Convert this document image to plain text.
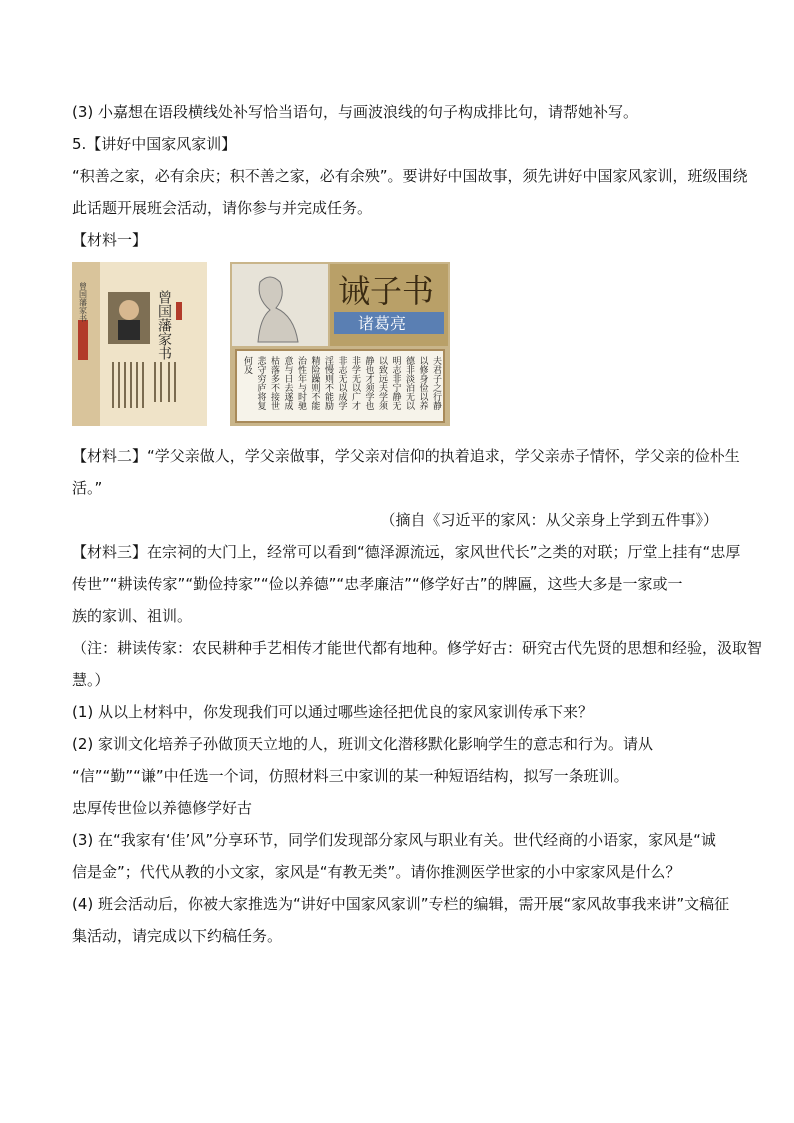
(3) 小嘉想在语段横线处补写恰当语句，与画波浪线的句子构成排比句，请帮她补写。
5.【讲好中国家风家训】
“积善之家，必有余庆；积不善之家，必有余殃”。要讲好中国故事，须先讲好中国家风家训，班级围绕
此话题开展班会活动，请你参与并完成任务。
【材料一】
曾国藩家书	曾国藩家书	诫子书
诸葛亮
夫君子之行静
以修身俭以养
德非淡泊无以
明志非宁静无
以致远夫学须
静也才须学也
非学无以广才
非志无以成学
淫慢则不能励
精险躁则不能
治性年与时驰
意与日去遂成
枯落多不接世
悲守穷庐将复
何及
【材料二】“学父亲做人，学父亲做事，学父亲对信仰的执着追求，学父亲赤子情怀，学父亲的俭朴生
活。”
（摘自《习近平的家风：从父亲身上学到五件事》）
【材料三】在宗祠的大门上，经常可以看到“德泽源流远，家风世代长”之类的对联；厅堂上挂有“忠厚
传世”“耕读传家”“勤俭持家”“俭以养德”“忠孝廉洁”“修学好古”的牌匾，这些大多是一家或一
族的家训、祖训。
（注：耕读传家：农民耕种手艺相传才能世代都有地种。修学好古：研究古代先贤的思想和经验，汲取智
慧。）
(1) 从以上材料中，你发现我们可以通过哪些途径把优良的家风家训传承下来？
(2) 家训文化培养子孙做顶天立地的人，班训文化潜移默化影响学生的意志和行为。请从
“信”“勤”“谦”中任选一个词，仿照材料三中家训的某一种短语结构，拟写一条班训。
忠厚传世俭以养德修学好古
(3) 在“我家有‘佳’风”分享环节，同学们发现部分家风与职业有关。世代经商的小语家，家风是“诚
信是金”；代代从教的小文家，家风是“有教无类”。请你推测医学世家的小中家家风是什么？
(4) 班会活动后，你被大家推选为“讲好中国家风家训”专栏的编辑，需开展“家风故事我来讲”文稿征
集活动，请完成以下约稿任务。
